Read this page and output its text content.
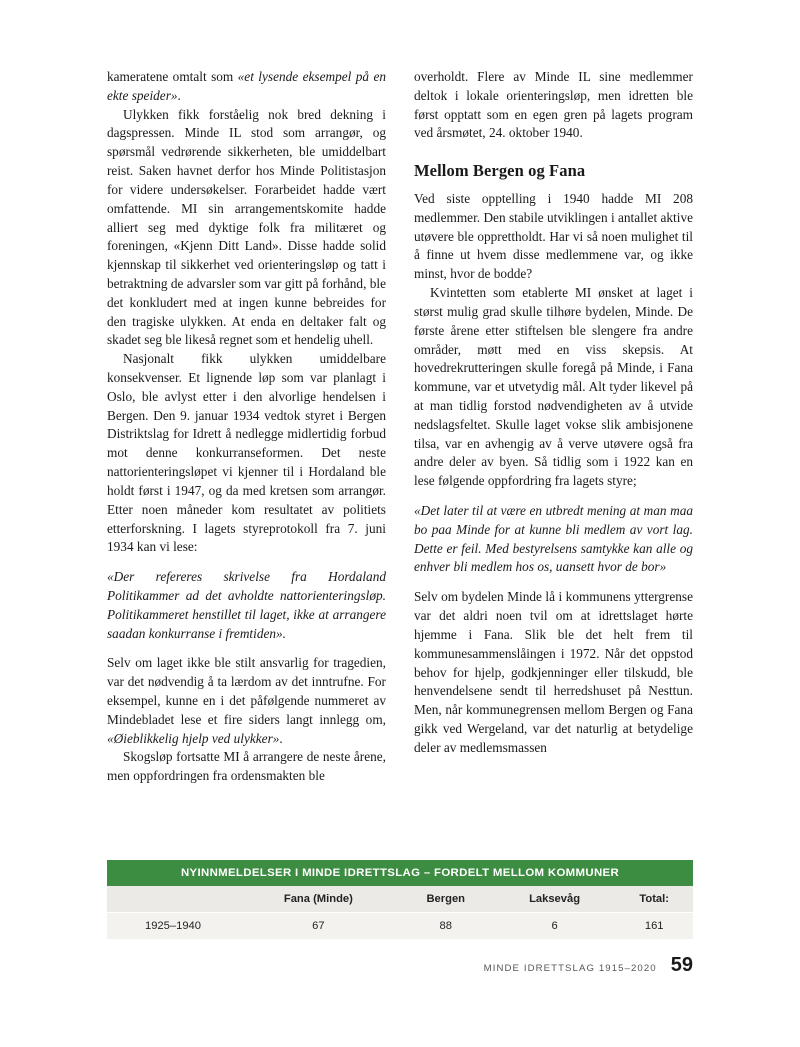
kameratene omtalt som «et lysende eksempel på en ekte speider».

Ulykken fikk forståelig nok bred dekning i dagspressen. Minde IL stod som arrangør, og spørsmål vedrørende sikkerheten, ble umiddelbart reist. Saken havnet derfor hos Minde Politistasjon for videre undersøkelser. Forarbeidet hadde vært omfattende. MI sin arrangementskomite hadde alliert seg med dyktige folk fra militæret og foreningen, «Kjenn Ditt Land». Disse hadde solid kjennskap til sikkerhet ved orienteringsløp og tatt i betraktning de advarsler som var gitt på forhånd, ble det konkludert med at ingen kunne bebreides for den tragiske ulykken. At enda en deltaker falt og skadet seg ble likeså regnet som et hendelig uhell.

Nasjonalt fikk ulykken umiddelbare konsekvenser. Et lignende løp som var planlagt i Oslo, ble avlyst etter i den alvorlige hendelsen i Bergen. Den 9. januar 1934 vedtok styret i Bergen Distriktslag for Idrett å nedlegge midlertidig forbud mot denne konkurranseformen. Det neste nattorienteringsløpet vi kjenner til i Hordaland ble holdt først i 1947, og da med kretsen som arrangør. Etter noen måneder kom resultatet av politiets etterforskning. I lagets styreprotokoll fra 7. juni 1934 kan vi lese:

«Der refereres skrivelse fra Hordaland Politikammer ad det avholdte nattorienteringsløp. Politikammeret henstillet til laget, ikke at arrangere saadan konkurranse i fremtiden».

Selv om laget ikke ble stilt ansvarlig for tragedien, var det nødvendig å ta lærdom av det inntrufne. For eksempel, kunne en i det påfølgende nummeret av Mindebladet lese et fire siders langt innlegg om, «Øieblikkelig hjelp ved ulykker».

Skogsløp fortsatte MI å arrangere de neste årene, men oppfordringen fra ordensmakten ble

overholdt. Flere av Minde IL sine medlemmer deltok i lokale orienteringsløp, men idretten ble først opptatt som en egen gren på lagets program ved årsmøtet, 24. oktober 1940.

Mellom Bergen og Fana

Ved siste opptelling i 1940 hadde MI 208 medlemmer. Den stabile utviklingen i antallet aktive utøvere ble opprettholdt. Har vi så noen mulighet til å finne ut hvem disse medlemmene var, og ikke minst, hvor de bodde?

Kvintetten som etablerte MI ønsket at laget i størst mulig grad skulle tilhøre bydelen, Minde. De første årene etter stiftelsen ble slengere fra andre områder, møtt med en viss skepsis. At hovedrekrutteringen skulle foregå på Minde, i Fana kommune, var et utvetydig mål. Alt tyder likevel på at man tidlig forstod nødvendigheten av å utvide nedslagsfeltet. Skulle laget vokse slik ambisjonene tilsa, var en avhengig av å verve utøvere også fra andre deler av byen. Så tidlig som i 1922 kan en lese følgende oppfordring fra lagets styre;

«Det later til at være en utbredt mening at man maa bo paa Minde for at kunne bli medlem av vort lag. Dette er feil. Med bestyrelsens samtykke kan alle og enhver bli medlem hos os, uansett hvor de bor»

Selv om bydelen Minde lå i kommunens yttergrense var det aldri noen tvil om at idrettslaget hørte hjemme i Fana. Slik ble det helt frem til kommunesammenslåingen i 1972. Når det oppstod behov for hjelp, godkjenninger eller tilskudd, ble henvendelsene sendt til herredshuset på Nesttun. Men, når kommunegrensen mellom Bergen og Fana gikk ved Wergeland, var det naturlig at betydelige deler av medlemsmassen

NYINNMELDELSER I MINDE IDRETTSLAG – FORDELT MELLOM KOMMUNER
	Fana (Minde)	Bergen	Laksevåg	Total:
1925–1940	67	88	6	161
MINDE IDRETTSLAG 1915–2020 59
